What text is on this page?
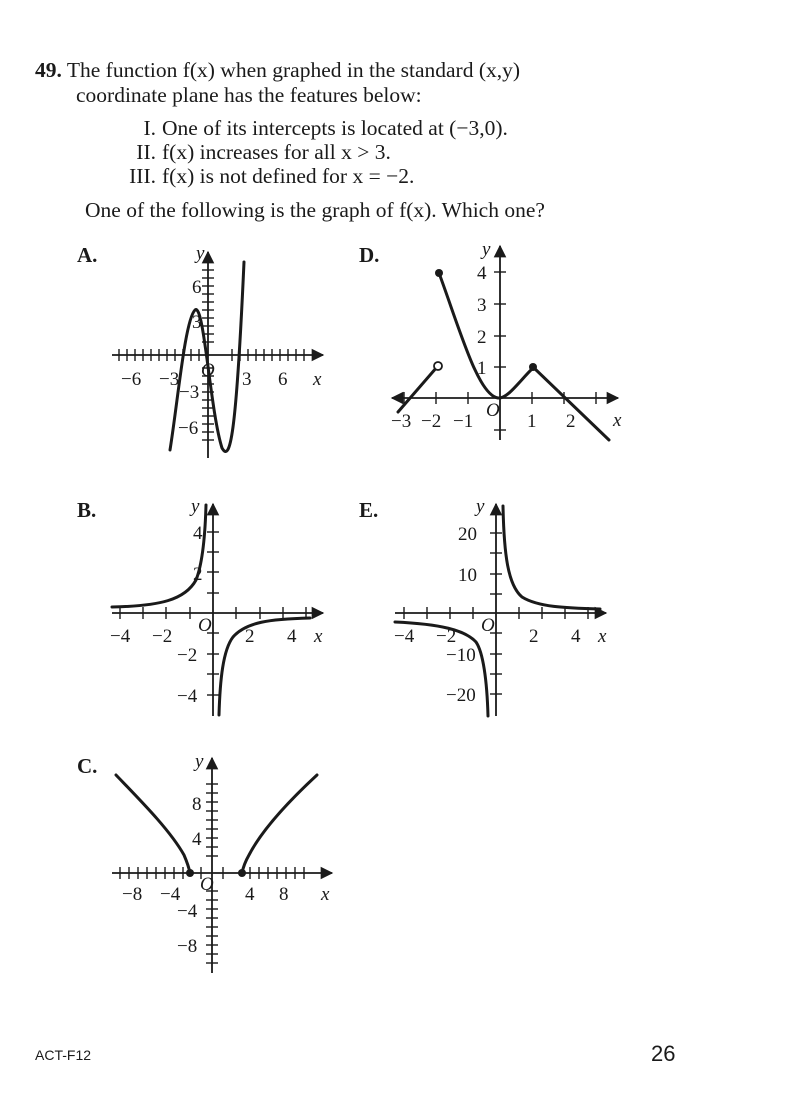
49. The function f(x) when graphed in the standard (x,y)
coordinate plane has the features below:
I. One of its intercepts is located at (−3,0).
II. f(x) increases for all x > 3.
III. f(x) is not defined for x = −2.
One of the following is the graph of f(x). Which one?
A.	D.
B.	E.
C.
y
x
O
−6 −3	3 6
6
3
−3
−6
y
x
O
−3 −2 −1	1 2
4
3
2
1
y
x
O
−4 −2	2 4
4
2
−2
−4
y
x
O
−4 −2	2 4
20
10
−10
−20
y
x
O
−8 −4	4 8
8
4
−4
−8
ACT-F12	26
